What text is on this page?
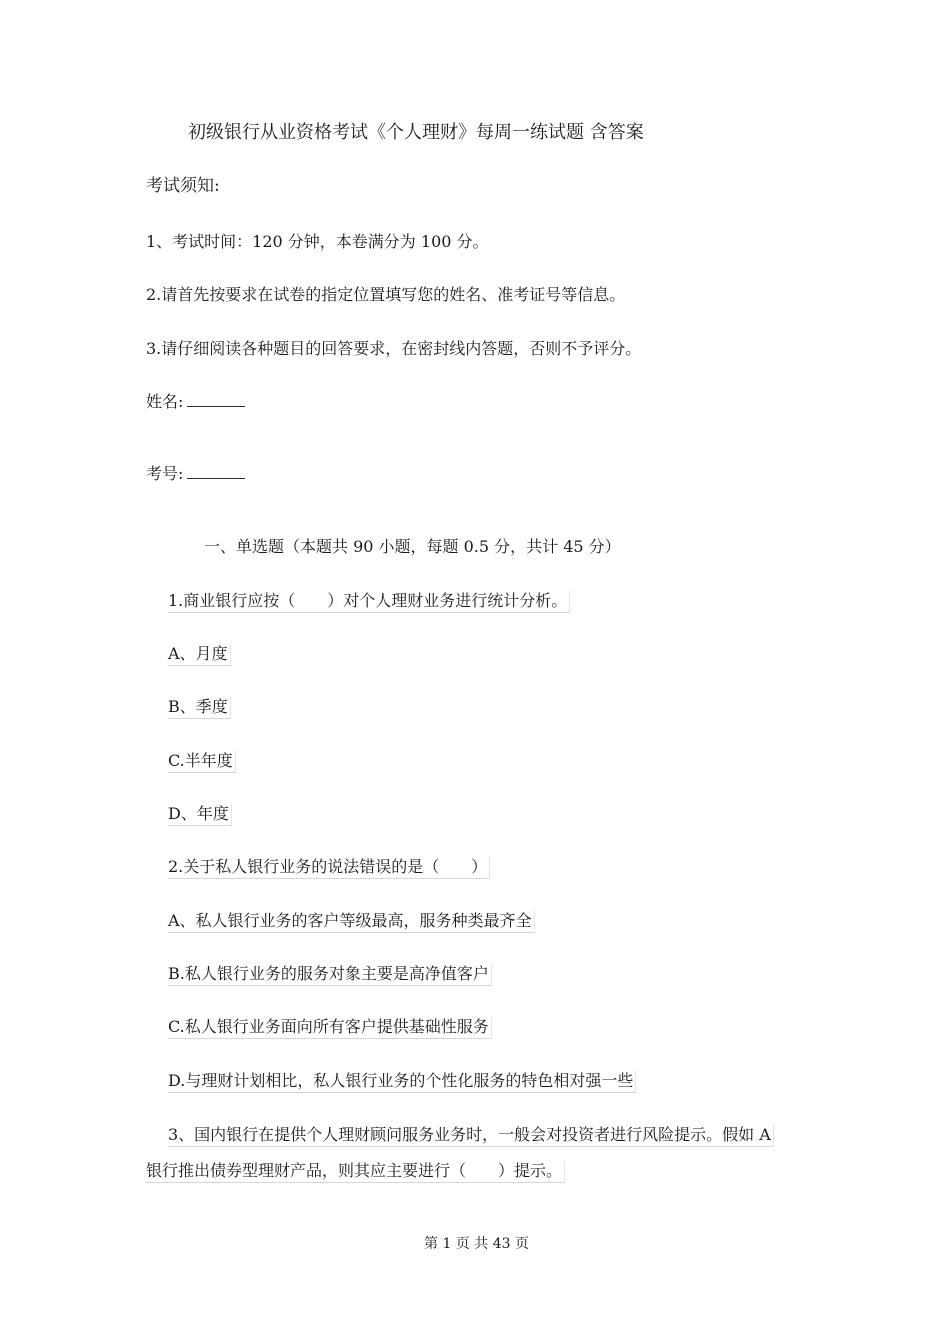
初级银行从业资格考试《个人理财》每周一练试题 含答案
考试须知:
1、考试时间：120 分钟，本卷满分为 100 分。
2.请首先按要求在试卷的指定位置填写您的姓名、准考证号等信息。
3.请仔细阅读各种题目的回答要求，在密封线内答题，否则不予评分。
姓名:
考号:
一、单选题（本题共 90 小题，每题 0.5 分，共计 45 分）
1.商业银行应按（　　）对个人理财业务进行统计分析。
A、月度
B、季度
C.半年度
D、年度
2.关于私人银行业务的说法错误的是（　　）
A、私人银行业务的客户等级最高，服务种类最齐全
B.私人银行业务的服务对象主要是高净值客户
C.私人银行业务面向所有客户提供基础性服务
D.与理财计划相比，私人银行业务的个性化服务的特色相对强一些
3、国内银行在提供个人理财顾问服务业务时，一般会对投资者进行风险提示。假如 A
银行推出债券型理财产品，则其应主要进行（　　）提示。
第 1 页 共 43 页
